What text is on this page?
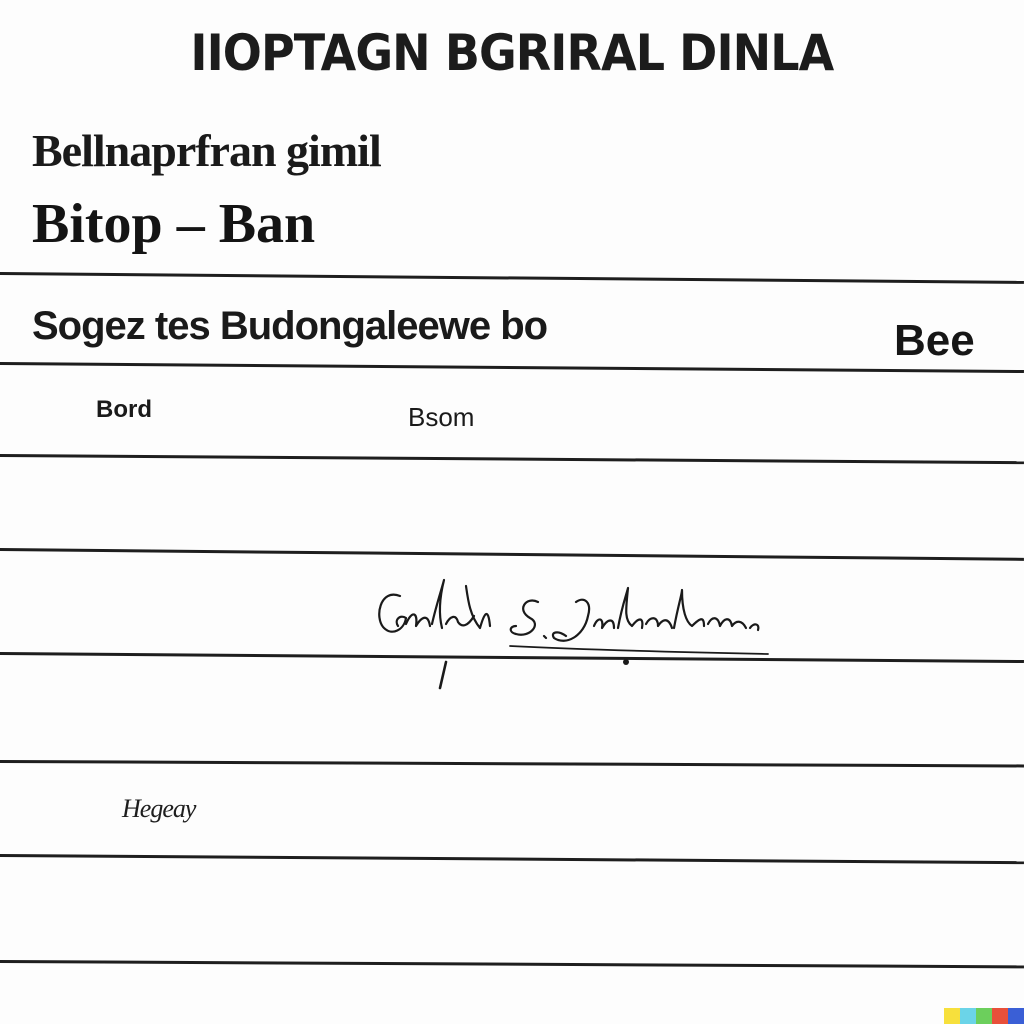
IIOPTAGN BGRIRAL DINLA
Bellnaprfran gimil
Bitop – Ban
Sogez tes Budongaleewe bo	Bee
Bord	Bsom
Hegeay
